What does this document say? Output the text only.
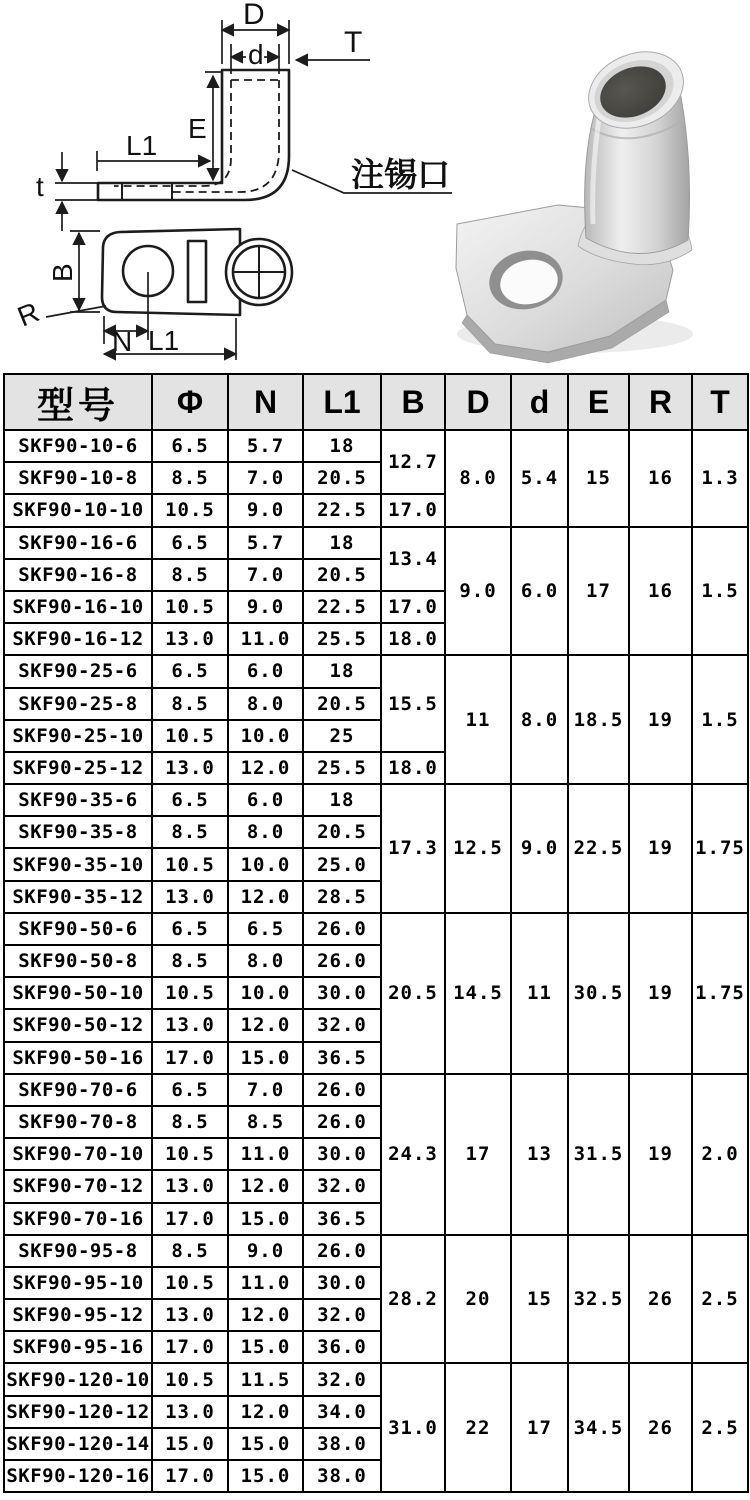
D
d	T
E
L1
t	注锡口
B
R
N L1
型号	Φ	N	L1	B	D	d	E	R	T
SKF90-10-6	6.5	5.7	18	12.7	8.0	5.4	15	16	1.3
SKF90-10-8	8.5	7.0	20.5						
SKF90-10-10	10.5	9.0	22.5	17.0					
SKF90-16-6	6.5	5.7	18	13.4	9.0	6.0	17	16	1.5
SKF90-16-8	8.5	7.0	20.5						
SKF90-16-10	10.5	9.0	22.5	17.0					
SKF90-16-12	13.0	11.0	25.5	18.0					
SKF90-25-6	6.5	6.0	18	15.5	11	8.0	18.5	19	1.5
SKF90-25-8	8.5	8.0	20.5						
SKF90-25-10	10.5	10.0	25						
SKF90-25-12	13.0	12.0	25.5	18.0					
SKF90-35-6	6.5	6.0	18	17.3	12.5	9.0	22.5	19	1.75
SKF90-35-8	8.5	8.0	20.5						
SKF90-35-10	10.5	10.0	25.0						
SKF90-35-12	13.0	12.0	28.5						
SKF90-50-6	6.5	6.5	26.0	20.5	14.5	11	30.5	19	1.75
SKF90-50-8	8.5	8.0	26.0						
SKF90-50-10	10.5	10.0	30.0						
SKF90-50-12	13.0	12.0	32.0						
SKF90-50-16	17.0	15.0	36.5						
SKF90-70-6	6.5	7.0	26.0	24.3	17	13	31.5	19	2.0
SKF90-70-8	8.5	8.5	26.0						
SKF90-70-10	10.5	11.0	30.0						
SKF90-70-12	13.0	12.0	32.0						
SKF90-70-16	17.0	15.0	36.5						
SKF90-95-8	8.5	9.0	26.0	28.2	20	15	32.5	26	2.5
SKF90-95-10	10.5	11.0	30.0						
SKF90-95-12	13.0	12.0	32.0						
SKF90-95-16	17.0	15.0	36.0						
SKF90-120-10	10.5	11.5	32.0	31.0	22	17	34.5	26	2.5
SKF90-120-12	13.0	12.0	34.0						
SKF90-120-14	15.0	15.0	38.0						
SKF90-120-16	17.0	15.0	38.0						
